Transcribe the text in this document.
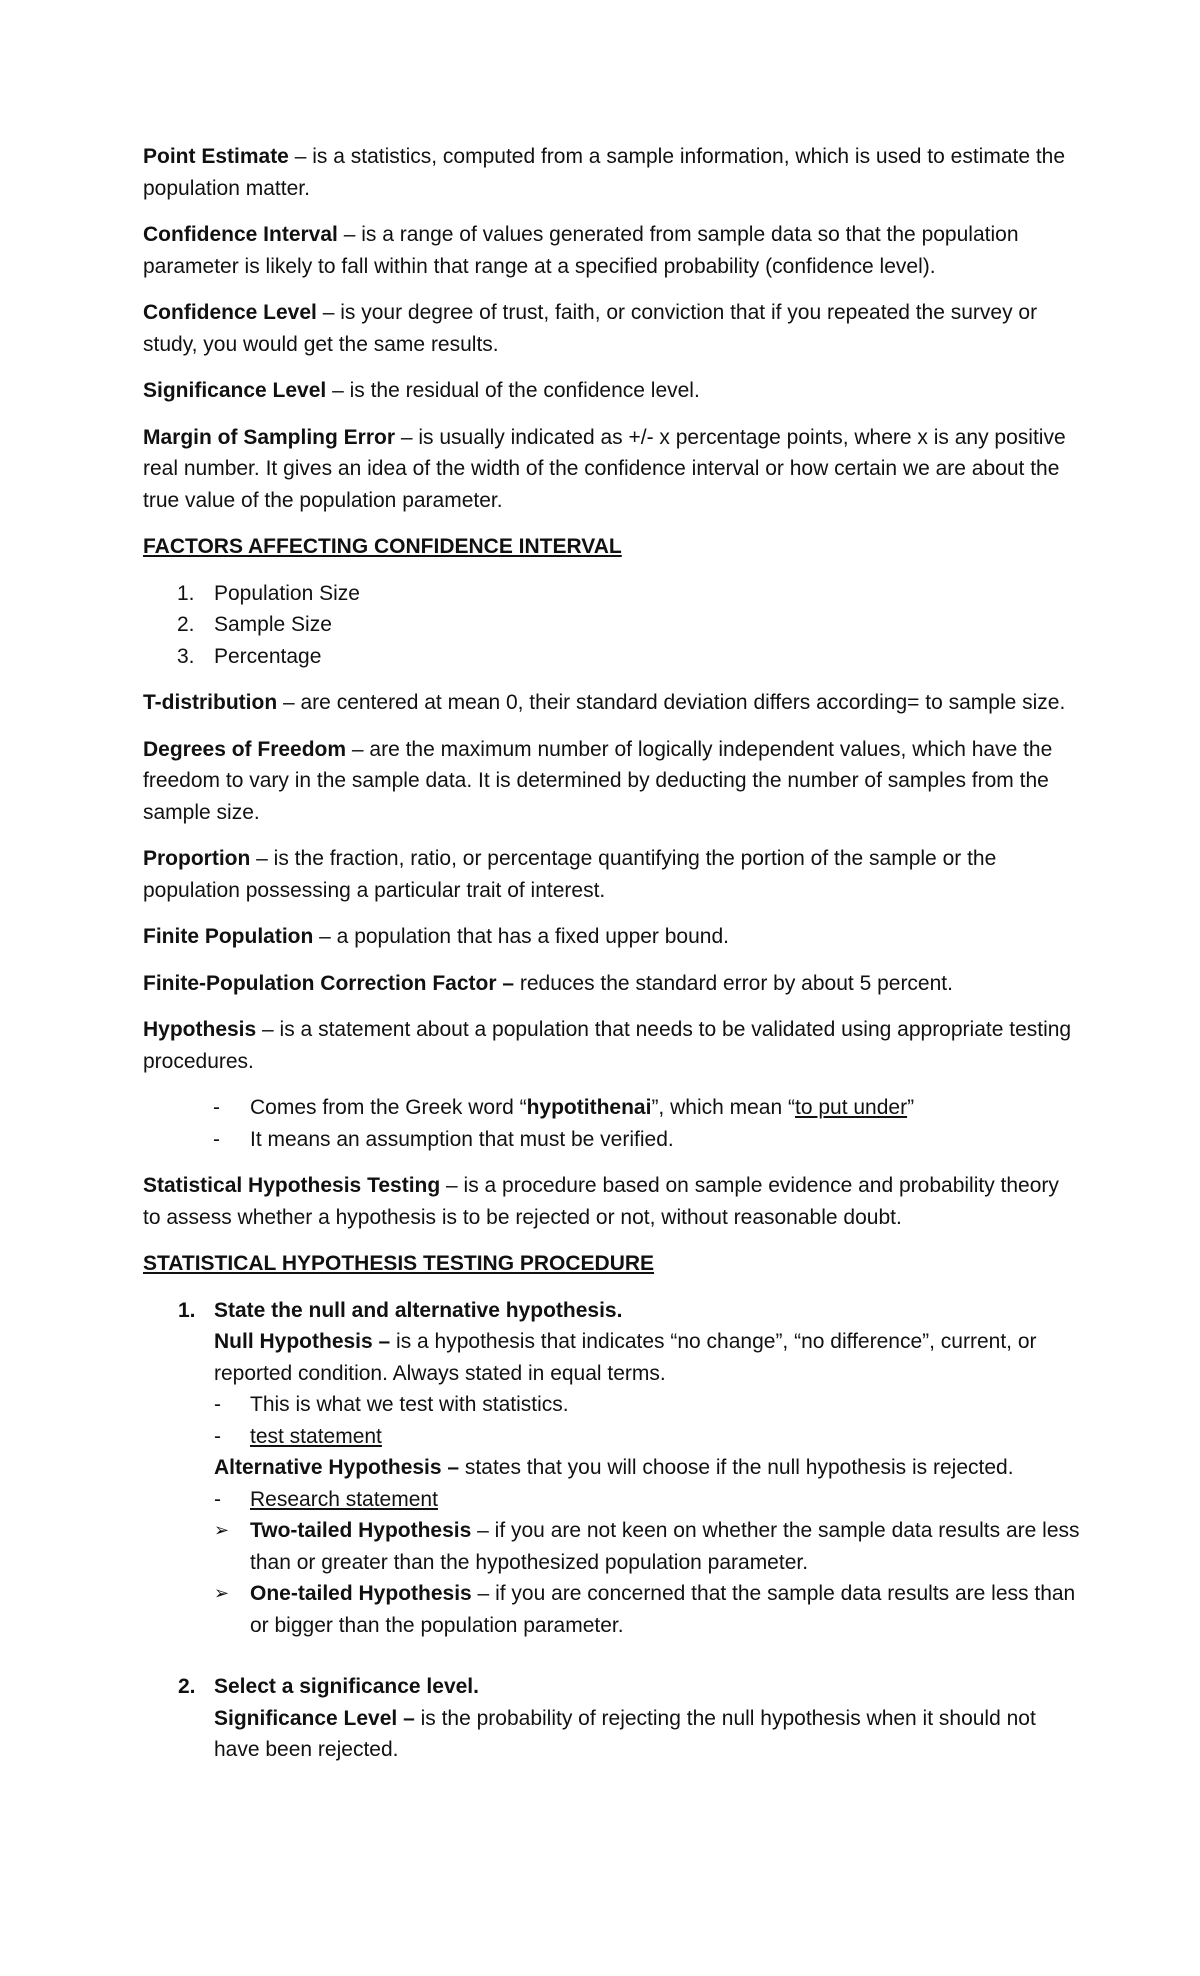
Point Estimate – is a statistics, computed from a sample information, which is used to estimate the population matter.

Confidence Interval – is a range of values generated from sample data so that the population parameter is likely to fall within that range at a specified probability (confidence level).

Confidence Level – is your degree of trust, faith, or conviction that if you repeated the survey or study, you would get the same results.

Significance Level – is the residual of the confidence level.

Margin of Sampling Error – is usually indicated as +/- x percentage points, where x is any positive real number. It gives an idea of the width of the confidence interval or how certain we are about the true value of the population parameter.

FACTORS AFFECTING CONFIDENCE INTERVAL

1. Population Size
2. Sample Size
3. Percentage

T-distribution – are centered at mean 0, their standard deviation differs according= to sample size.

Degrees of Freedom – are the maximum number of logically independent values, which have the freedom to vary in the sample data. It is determined by deducting the number of samples from the sample size.

Proportion – is the fraction, ratio, or percentage quantifying the portion of the sample or the population possessing a particular trait of interest.

Finite Population – a population that has a fixed upper bound.

Finite-Population Correction Factor – reduces the standard error by about 5 percent.

Hypothesis – is a statement about a population that needs to be validated using appropriate testing procedures.

- Comes from the Greek word “hypotithenai”, which mean “to put under”
- It means an assumption that must be verified.

Statistical Hypothesis Testing – is a procedure based on sample evidence and probability theory to assess whether a hypothesis is to be rejected or not, without reasonable doubt.

STATISTICAL HYPOTHESIS TESTING PROCEDURE

1. State the null and alternative hypothesis.

Null Hypothesis – is a hypothesis that indicates “no change”, “no difference”, current, or reported condition. Always stated in equal terms.

- This is what we test with statistics.
- test statement

Alternative Hypothesis – states that you will choose if the null hypothesis is rejected.

- Research statement
➢ Two-tailed Hypothesis – if you are not keen on whether the sample data results are less than or greater than the hypothesized population parameter.
➢ One-tailed Hypothesis – if you are concerned that the sample data results are less than or bigger than the population parameter.
2. Select a significance level.

Significance Level – is the probability of rejecting the null hypothesis when it should not have been rejected.
